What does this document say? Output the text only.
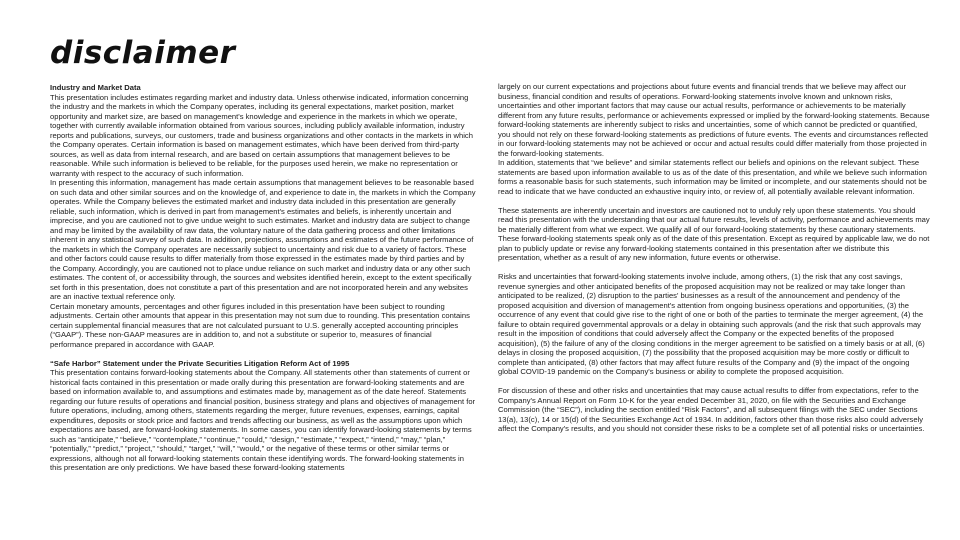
disclaimer

Industry and Market Data

This presentation includes estimates regarding market and industry data. Unless otherwise indicated, information concerning the industry and the markets in which the Company operates, including its general expectations, market position, market opportunity and market size, are based on management's knowledge and experience in the markets in which we operate, together with currently available information obtained from various sources, including publicly available information, industry reports and publications, surveys, our customers, trade and business organizations and other contacts in the markets in which the Company operates. Certain information is based on management estimates, which have been derived from third-party sources, as well as data from internal research, and are based on certain assumptions that management believes to be reasonable. While such information is believed to be reliable, for the purposes used herein, we make no representation or warranty with respect to the accuracy of such information.

In presenting this information, management has made certain assumptions that management believes to be reasonable based on such data and other similar sources and on the knowledge of, and experience to date in, the markets in which the Company operates. While the Company believes the estimated market and industry data included in this presentation are generally reliable, such information, which is derived in part from management's estimates and beliefs, is inherently uncertain and imprecise, and you are cautioned not to give undue weight to such estimates. Market and industry data are subject to change and may be limited by the availability of raw data, the voluntary nature of the data gathering process and other limitations inherent in any statistical survey of such data. In addition, projections, assumptions and estimates of the future performance of the markets in which the Company operates are necessarily subject to uncertainty and risk due to a variety of factors. These and other factors could cause results to differ materially from those expressed in the estimates made by third parties and by the Company. Accordingly, you are cautioned not to place undue reliance on such market and industry data or any other such estimates. The content of, or accessibility through, the sources and websites identified herein, except to the extent specifically set forth in this presentation, does not constitute a part of this presentation and are not incorporated herein and any websites are an inactive textual reference only.

Certain monetary amounts, percentages and other figures included in this presentation have been subject to rounding adjustments. Certain other amounts that appear in this presentation may not sum due to rounding. This presentation contains certain supplemental financial measures that are not calculated pursuant to U.S. generally accepted accounting principles (“GAAP”). These non-GAAP measures are in addition to, and not a substitute or superior to, measures of financial performance prepared in accordance with GAAP.

“Safe Harbor” Statement under the Private Securities Litigation Reform Act of 1995

This presentation contains forward-looking statements about the Company. All statements other than statements of current or historical facts contained in this presentation or made orally during this presentation are forward-looking statements and are based on information available to, and assumptions and estimates made by, management as of the date hereof. Statements regarding our future results of operations and financial position, business strategy and plans and objectives of management for future operations, including, among others, statements regarding the merger, future revenues, expenses, earnings, capital expenditures, deposits or stock price and factors and trends affecting our business, as well as the assumptions upon which expectations are based, are forward-looking statements. In some cases, you can identify forward-looking statements by terms such as “anticipate,” “believe,” “contemplate,” “continue,” “could,” “design,” “estimate,” “expect,” “intend,” “may,” “plan,” “potentially,” “predict,” “project,” “should,” “target,” “will,” “would,” or the negative of these terms or other similar terms or expressions, although not all forward-looking statements contain these identifying words. The forward-looking statements in this presentation are only predictions. We have based these forward-looking statements

largely on our current expectations and projections about future events and financial trends that we believe may affect our business, financial condition and results of operations. Forward-looking statements involve known and unknown risks, uncertainties and other important factors that may cause our actual results, performance or achievements to be materially different from any future results, performance or achievements expressed or implied by the forward-looking statements. Because forward-looking statements are inherently subject to risks and uncertainties, some of which cannot be predicted or quantified, you should not rely on these forward-looking statements as predictions of future events. The events and circumstances reflected in our forward-looking statements may not be achieved or occur and actual results could differ materially from those projected in the forward-looking statements.

In addition, statements that “we believe” and similar statements reflect our beliefs and opinions on the relevant subject. These statements are based upon information available to us as of the date of this presentation, and while we believe such information forms a reasonable basis for such statements, such information may be limited or incomplete, and our statements should not be read to indicate that we have conducted an exhaustive inquiry into, or review of, all potentially available relevant information.

These statements are inherently uncertain and investors are cautioned not to unduly rely upon these statements. You should read this presentation with the understanding that our actual future results, levels of activity, performance and achievements may be materially different from what we expect. We qualify all of our forward-looking statements by these cautionary statements. These forward-looking statements speak only as of the date of this presentation. Except as required by applicable law, we do not plan to publicly update or revise any forward-looking statements contained in this presentation after we distribute this presentation, whether as a result of any new information, future events or otherwise.

Risks and uncertainties that forward-looking statements involve include, among others, (1) the risk that any cost savings, revenue synergies and other anticipated benefits of the proposed acquisition may not be realized or may take longer than anticipated to be realized, (2) disruption to the parties' businesses as a result of the announcement and pendency of the proposed acquisition and diversion of management's attention from ongoing business operations and opportunities, (3) the occurrence of any event that could give rise to the right of one or both of the parties to terminate the merger agreement, (4) the failure to obtain required governmental approvals or a delay in obtaining such approvals (and the risk that such approvals may result in the imposition of conditions that could adversely affect the Company or the expected benefits of the proposed acquisition), (5) the failure of any of the closing conditions in the merger agreement to be satisfied on a timely basis or at all, (6) delays in closing the proposed acquisition, (7) the possibility that the proposed acquisition may be more costly or difficult to complete than anticipated, (8) other factors that may affect future results of the Company and (9) the impact of the ongoing global COVID-19 pandemic on the Company's business or ability to complete the proposed acquisition.

For discussion of these and other risks and uncertainties that may cause actual results to differ from expectations, refer to the Company's Annual Report on Form 10-K for the year ended December 31, 2020, on file with the Securities and Exchange Commission (the “SEC”), including the section entitled “Risk Factors”, and all subsequent filings with the SEC under Sections 13(a), 13(c), 14 or 15(d) of the Securities Exchange Act of 1934. In addition, factors other than those risks also could adversely affect the Company's results, and you should not consider these risks to be a complete set of all potential risks or uncertainties.
